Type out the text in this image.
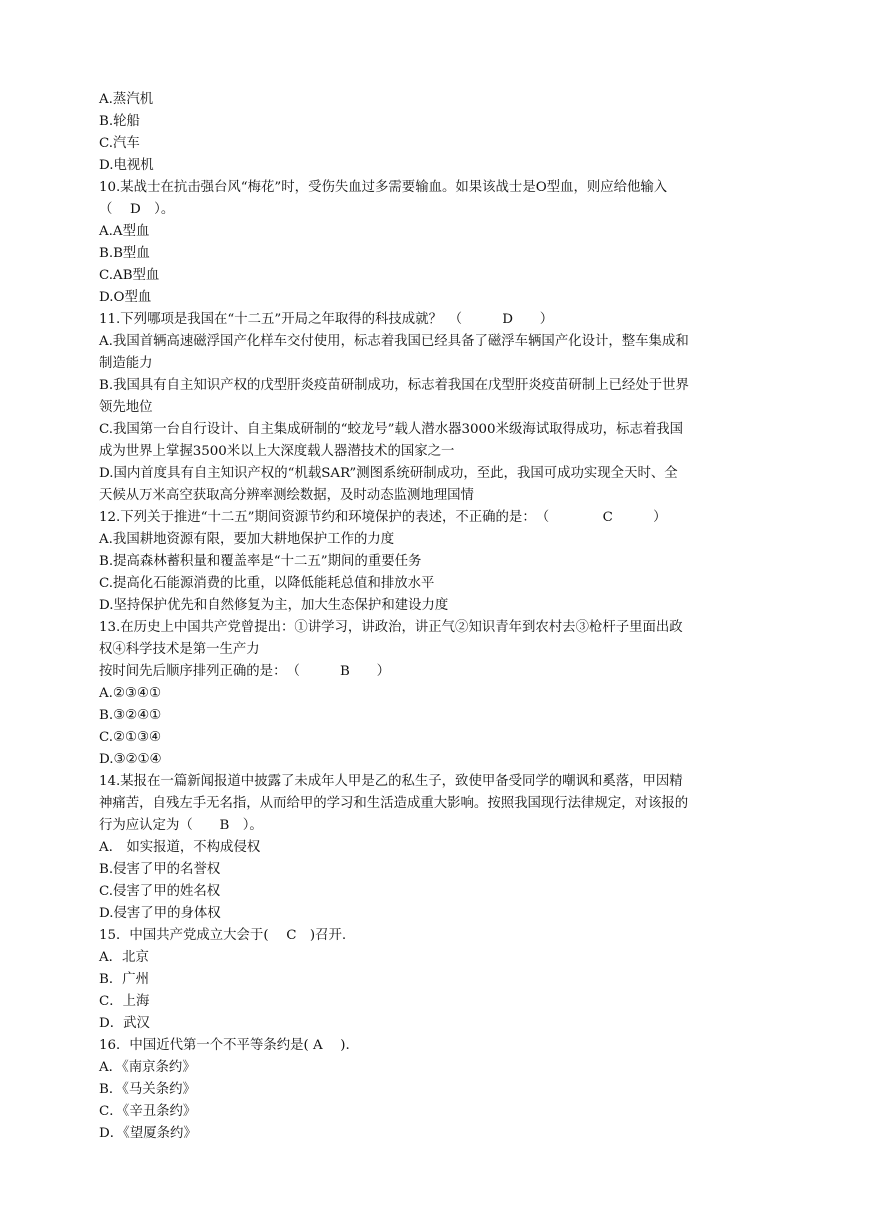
A.蒸汽机
B.轮船
C.汽车
D.电视机
10.某战士在抗击强台风“梅花”时，受伤失血过多需要输血。如果该战士是O型血，则应给他输入
（　 D　）。
A.A型血
B.B型血
C.AB型血
D.O型血
11.下列哪项是我国在“十二五”开局之年取得的科技成就？　（　　　D　　）
A.我国首辆高速磁浮国产化样车交付使用，标志着我国已经具备了磁浮车辆国产化设计，整车集成和
制造能力
B.我国具有自主知识产权的戊型肝炎疫苗研制成功，标志着我国在戊型肝炎疫苗研制上已经处于世界
领先地位
C.我国第一台自行设计、自主集成研制的“蛟龙号”载人潜水器3000米级海试取得成功，标志着我国
成为世界上掌握3500米以上大深度载人器潜技术的国家之一
D.国内首度具有自主知识产权的“机载SAR”测图系统研制成功，至此，我国可成功实现全天时、全
天候从万米高空获取高分辨率测绘数据，及时动态监测地理国情
12.下列关于推进“十二五”期间资源节约和环境保护的表述，不正确的是：　（　　　　C　　　）
A.我国耕地资源有限，要加大耕地保护工作的力度
B.提高森林蓄积量和覆盖率是“十二五”期间的重要任务
C.提高化石能源消费的比重，以降低能耗总值和排放水平
D.坚持保护优先和自然修复为主，加大生态保护和建设力度
13.在历史上中国共产党曾提出：①讲学习，讲政治，讲正气②知识青年到农村去③枪杆子里面出政
权④科学技术是第一生产力
按时间先后顺序排列正确的是：　（　　　B　　）
A.②③④①
B.③②④①
C.②①③④
D.③②①④
14.某报在一篇新闻报道中披露了未成年人甲是乙的私生子，致使甲备受同学的嘲讽和奚落，甲因精
神痛苦，自残左手无名指，从而给甲的学习和生活造成重大影响。按照我国现行法律规定，对该报的
行为应认定为（　　B　）。
A.　如实报道，不构成侵权
B.侵害了甲的名誉权
C.侵害了甲的姓名权
D.侵害了甲的身体权
15．中国共产党成立大会于(　 C　)召开.
A．北京
B．广州
C．上海
D．武汉
16．中国近代第一个不平等条约是( A　 ).
A．《南京条约》
B．《马关条约》
C．《辛丑条约》
D．《望厦条约》
